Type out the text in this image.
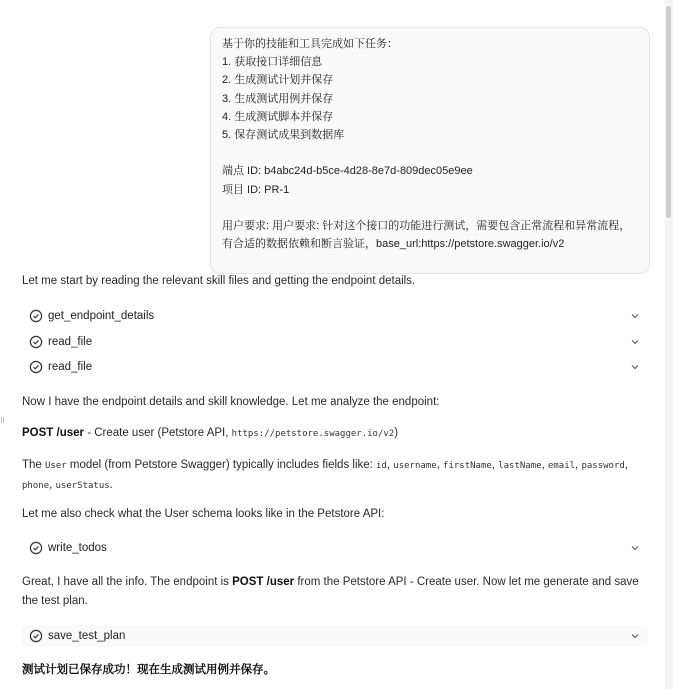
⠿
基于你的技能和工具完成如下任务：
1. 获取接口详细信息
2. 生成测试计划并保存
3. 生成测试用例并保存
4. 生成测试脚本并保存
5. 保存测试成果到数据库
端点 ID: b4abc24d-b5ce-4d28-8e7d-809dec05e9ee
项目 ID: PR-1
用户要求: 用户要求: 针对这个接口的功能进行测试，需要包含正常流程和异常流程，
有合适的数据依赖和断言验证，base_url:https://petstore.swagger.io/v2
Let me start by reading the relevant skill files and getting the endpoint details.
get_endpoint_details
read_file
read_file
Now I have the endpoint details and skill knowledge. Let me analyze the endpoint:
POST /user - Create user (Petstore API, https://petstore.swagger.io/v2)
The User model (from Petstore Swagger) typically includes fields like: id, username, firstName, lastName, email, password, phone, userStatus.
Let me also check what the User schema looks like in the Petstore API:
write_todos
Great, I have all the info. The endpoint is POST /user from the Petstore API - Create user. Now let me generate and save the test plan.
save_test_plan
测试计划已保存成功！现在生成测试用例并保存。
